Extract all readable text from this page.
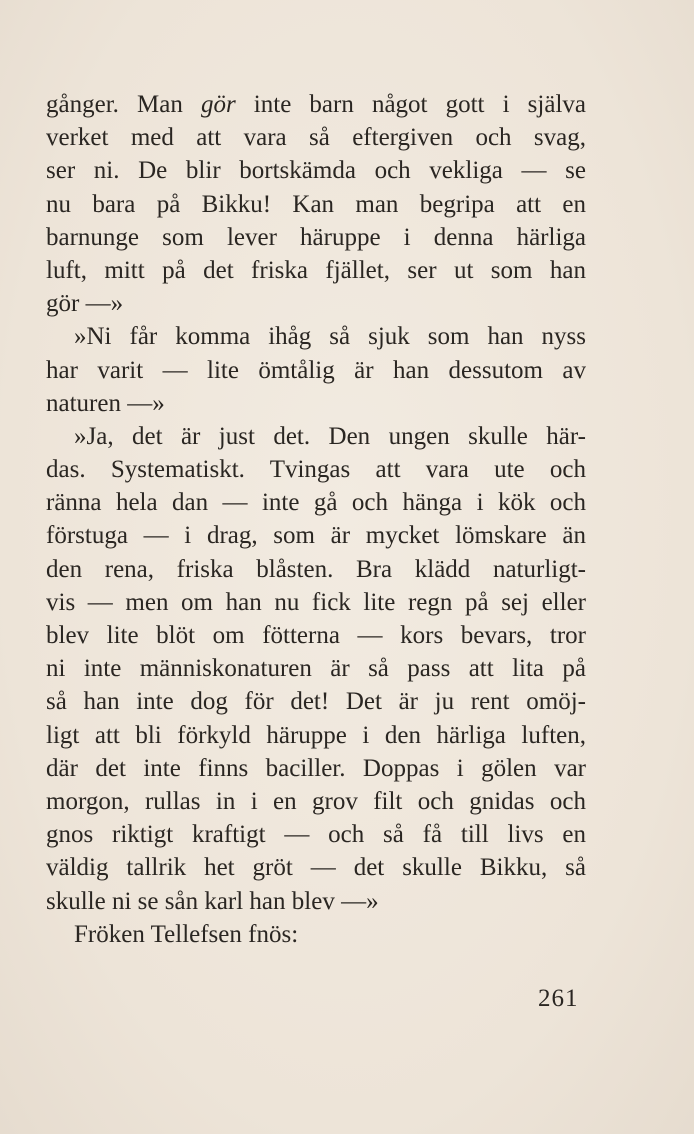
gånger. Man gör inte barn något gott i själva
verket med att vara så eftergiven och svag,
ser ni. De blir bortskämda och vekliga — se
nu bara på Bikku! Kan man begripa att en
barnunge som lever häruppe i denna härliga
luft, mitt på det friska fjället, ser ut som han
gör —»
»Ni får komma ihåg så sjuk som han nyss
har varit — lite ömtålig är han dessutom av
naturen —»
»Ja, det är just det. Den ungen skulle här-
das. Systematiskt. Tvingas att vara ute och
ränna hela dan — inte gå och hänga i kök och
förstuga — i drag, som är mycket lömskare än
den rena, friska blåsten. Bra klädd naturligt-
vis — men om han nu fick lite regn på sej eller
blev lite blöt om fötterna — kors bevars, tror
ni inte människonaturen är så pass att lita på
så han inte dog för det! Det är ju rent omöj-
ligt att bli förkyld häruppe i den härliga luften,
där det inte finns baciller. Doppas i gölen var
morgon, rullas in i en grov filt och gnidas och
gnos riktigt kraftigt — och så få till livs en
väldig tallrik het gröt — det skulle Bikku, så
skulle ni se sån karl han blev —»
Fröken Tellefsen fnös:
261
